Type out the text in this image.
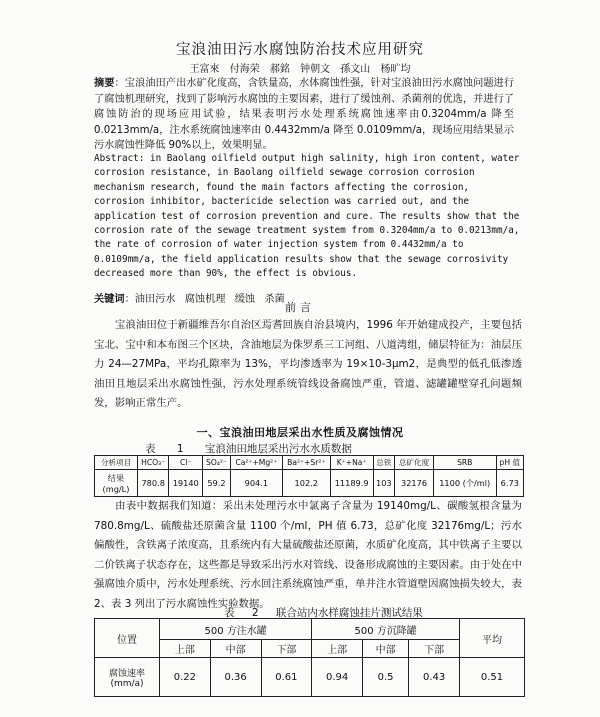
宝浪油田污水腐蚀防治技术应用研究
王富來 付海荣 郝銘 钟朝文 孫文山 杨旷均
摘要：宝浪油田产出水矿化度高，含铁量高，水体腐蚀性强，针对宝浪油田污水腐蚀问题进行了腐蚀机理研究，找到了影响污水腐蚀的主要因素，进行了缓蚀剂、杀菌剂的优选，并进行了腐蚀防治的现场应用试验，结果表明污水处理系统腐蚀速率由0.3204mm/a 降至 0.0213mm/a，注水系统腐蚀速率由 0.4432mm/a 降至 0.0109mm/a，现场应用结果显示污水腐蚀性降低 90%以上，效果明显。
Abstract: in Baolang oilfield output high salinity, high iron content, water corrosion resistance, in Baolang oilfield sewage corrosion corrosion mechanism research, found the main factors affecting the corrosion, corrosion inhibitor, bactericide selection was carried out, and the application test of corrosion prevention and cure. The results show that the corrosion rate of the sewage treatment system from 0.3204mm/a to 0.0213mm/a, the rate of corrosion of water injection system from 0.4432mm/a to 0.0109mm/a, the field application results show that the sewage corrosivity decreased more than 90%, the effect is obvious.
关键词：油田污水 腐蚀机理 缓蚀 杀菌
前言
  宝浪油田位于新疆维吾尔自治区焉耆回族自治县境内，1996 年开始建成投产，主要包括宝北、宝中和本布图三个区块，含油地层为侏罗系三工河组、八道湾组，储层特征为：油层压力 24—27MPa，平均孔隙率为 13%，平均渗透率为 19×10-3μm2，是典型的低孔低渗透油田且地层采出水腐蚀性强，污水处理系统管线设备腐蚀严重，管道、滤罐罐壁穿孔问题频发，影响正常生产。
一、宝浪油田地层采出水性质及腐蚀情况
表 1 宝浪油田地层采出污水水质数据
分析项目	HCO₃⁻	Cl⁻	SO₄²⁻	Ca²⁺+Mg²⁺	Ba²⁺+Sr²⁺	K⁺+Na⁺	总铁	总矿化度	SRB	pH 值
结果 (mg/L)	780.8	19140	59.2	904.1	102.2	11189.9	103	32176	1100 (个/ml)	6.73
  由表中数据我们知道：采出未处理污水中氯离子含量为 19140mg/L、碳酸氢根含量为 780.8mg/L、硫酸盐还原菌含量 1100 个/ml，PH 值 6.73，总矿化度 32176mg/L；污水偏酸性，含铁离子浓度高，且系统内有大量硫酸盐还原菌，水质矿化度高，其中铁离子主要以二价铁离子状态存在，这些都是导致采出污水对管线、设备形成腐蚀的主要因素。由于处在中强腐蚀介质中，污水处理系统、污水回注系统腐蚀严重，单井注水管道壁因腐蚀损失较大，表 2、表 3 列出了污水腐蚀性实验数据。
表 2 联合站内水样腐蚀挂片测试结果
位置	500 方注水罐			500 方沉降罐			平均
	上部	中部	下部	上部	中部	下部	
腐蚀速率 (mm/a)	0.22	0.36	0.61	0.94	0.5	0.43	0.51
